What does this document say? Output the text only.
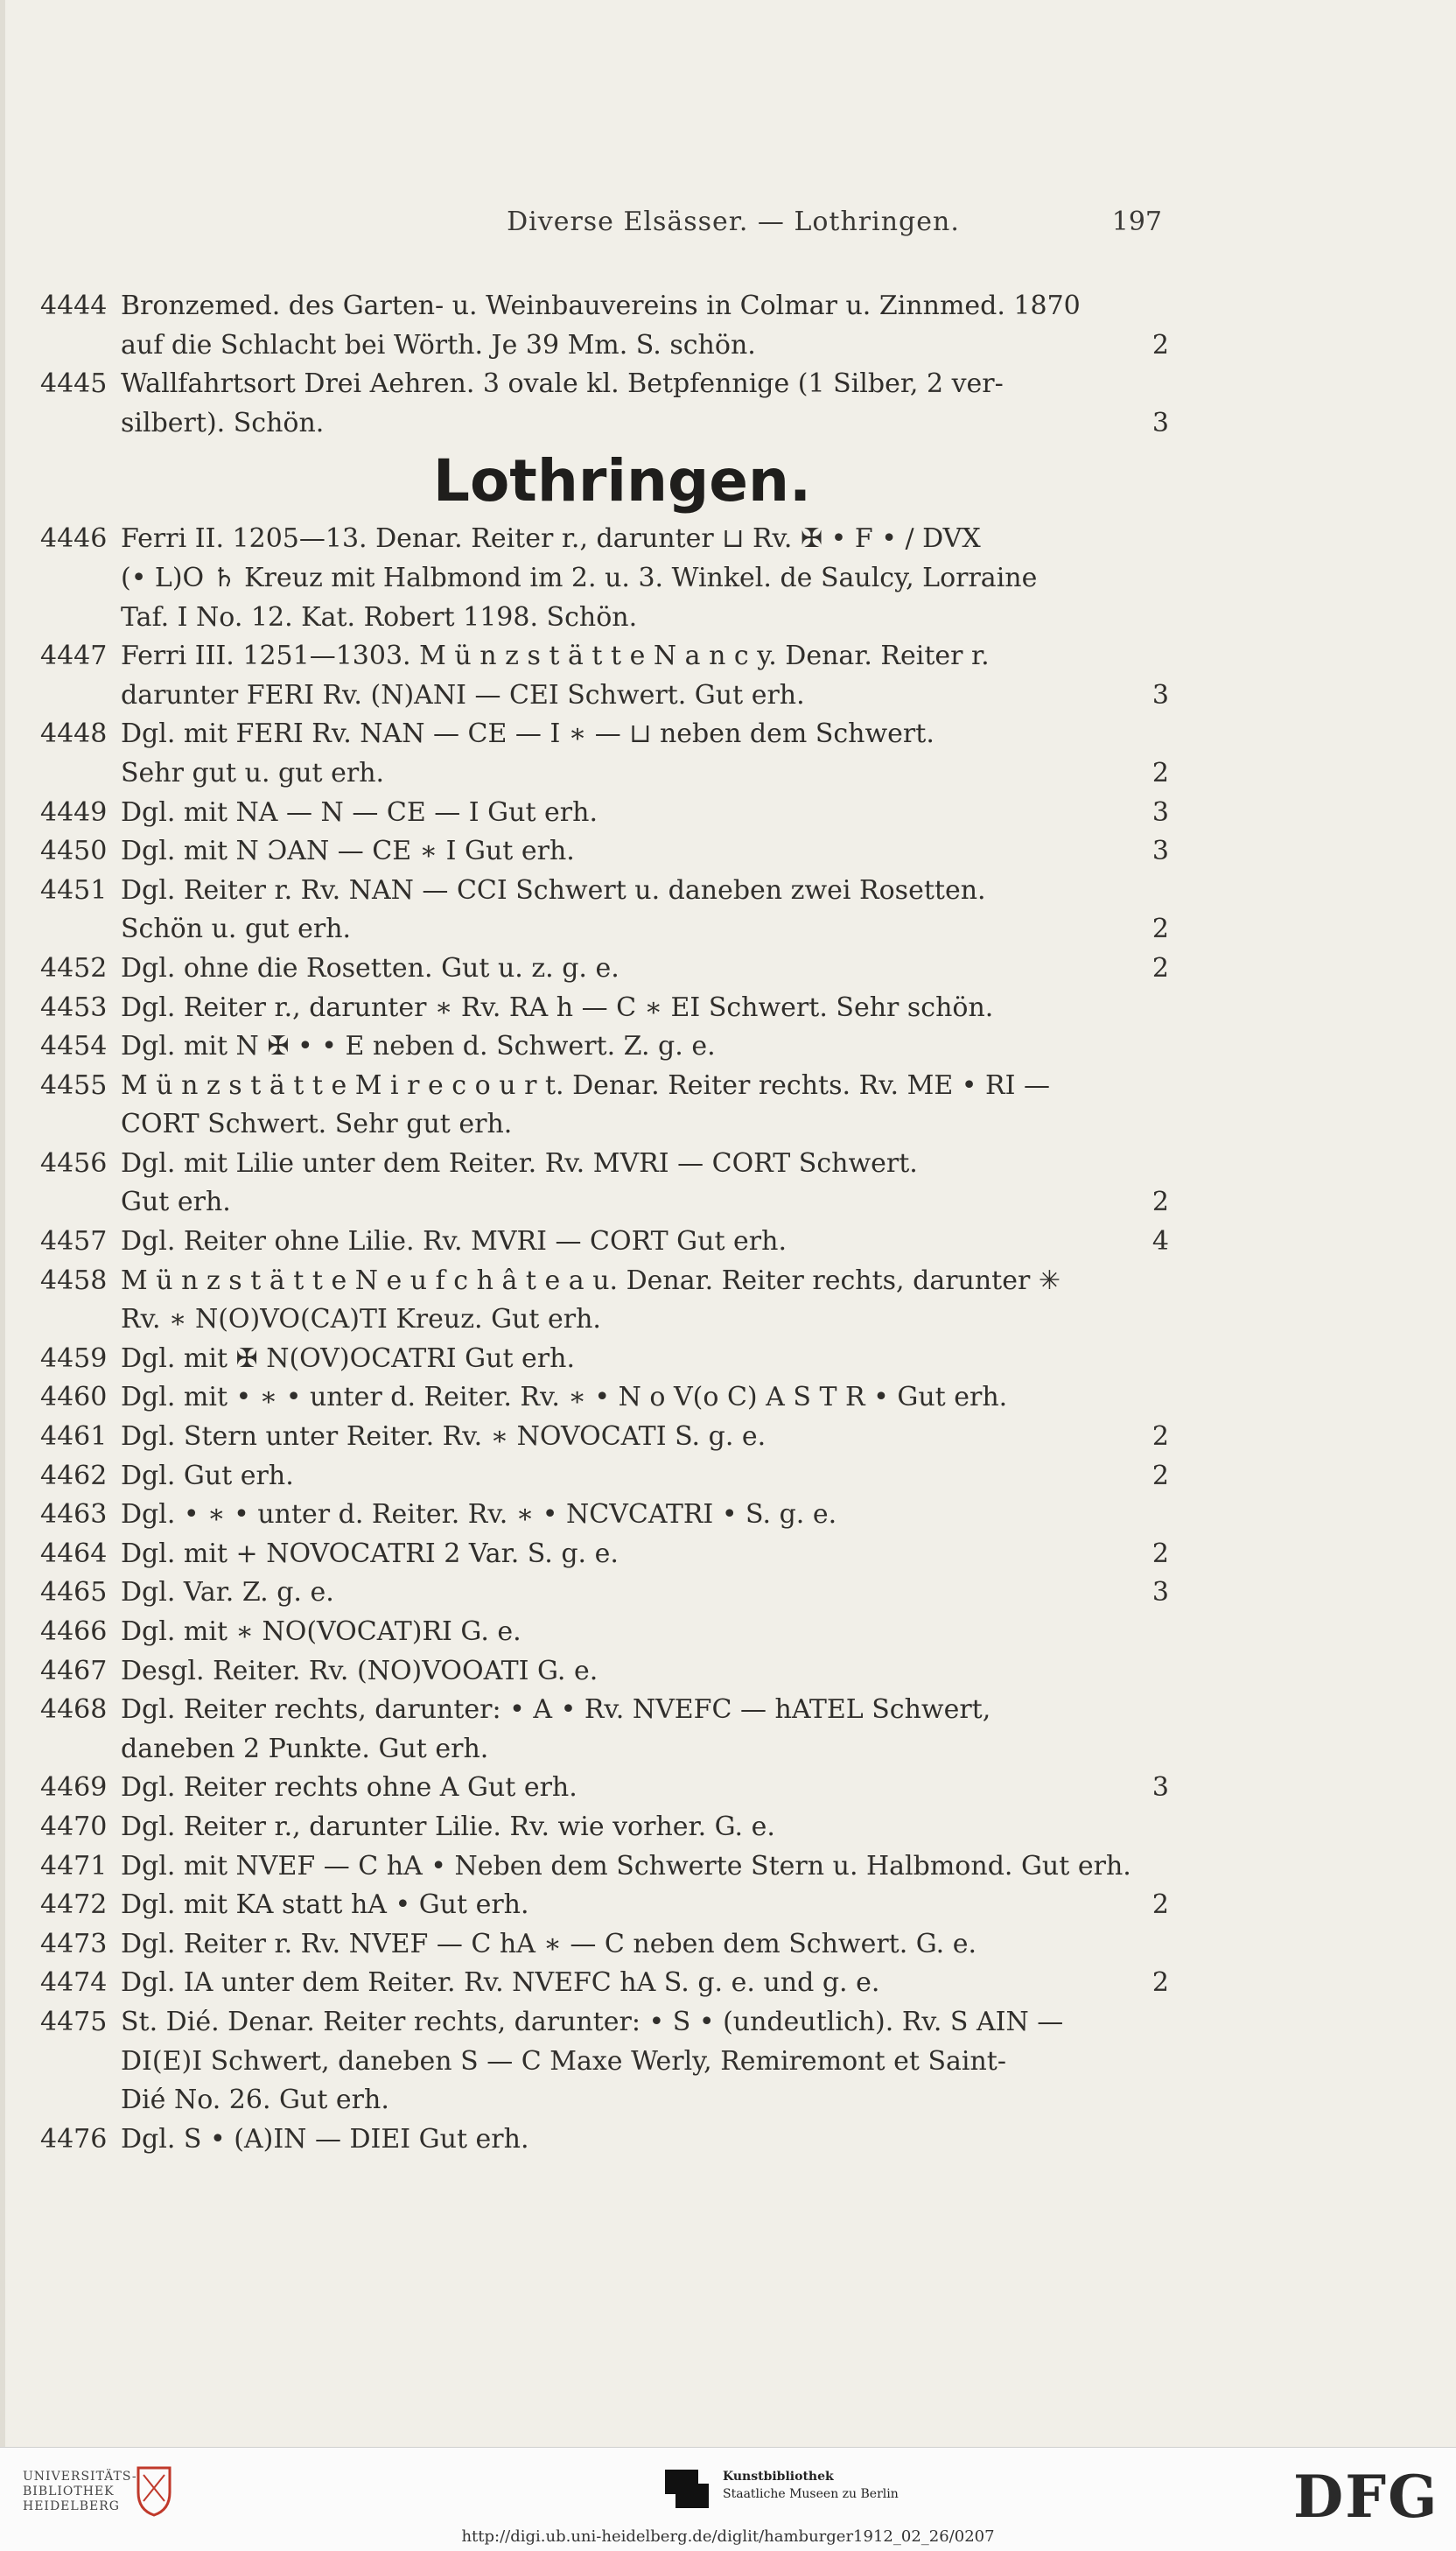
Diverse Elsässer. — Lothringen.	197
4444 Bronzemed. des Garten- u. Weinbauvereins in Colmar u. Zinnmed. 1870
auf die Schlacht bei Wörth. Je 39 Mm. S. schön.	2
4445 Wallfahrtsort Drei Aehren. 3 ovale kl. Betpfennige (1 Silber, 2 ver-
silbert). Schön.	3
Lothringen.
4446 Ferri II. 1205—13. Denar. Reiter r., darunter ⊔ Rv. ✠ • F • / DVX
(• L)O ♄ Kreuz mit Halbmond im 2. u. 3. Winkel. de Saulcy, Lorraine
Taf. I No. 12. Kat. Robert 1198. Schön.
4447 Ferri III. 1251—1303. M ü n z s t ä t t e N a n c y. Denar. Reiter r.
darunter FERI Rv. (N)ANI — CEI Schwert. Gut erh.	3
4448 Dgl. mit FERI Rv. NAN — CE — I ∗ — ⊔ neben dem Schwert.
Sehr gut u. gut erh.	2
4449 Dgl. mit NA — N — CE — I Gut erh.	3
4450 Dgl. mit N ƆAN — CE ∗ I Gut erh.	3
4451 Dgl. Reiter r. Rv. NAN — CCI Schwert u. daneben zwei Rosetten.
Schön u. gut erh.	2
4452 Dgl. ohne die Rosetten. Gut u. z. g. e.	2
4453 Dgl. Reiter r., darunter ∗ Rv. RA h — C ∗ EI Schwert. Sehr schön.
4454 Dgl. mit N ✠ • • E neben d. Schwert. Z. g. e.
4455 M ü n z s t ä t t e M i r e c o u r t. Denar. Reiter rechts. Rv. ME • RI —
CORT Schwert. Sehr gut erh.
4456 Dgl. mit Lilie unter dem Reiter. Rv. MVRI — CORT Schwert.
Gut erh.	2
4457 Dgl. Reiter ohne Lilie. Rv. MVRI — CORT Gut erh.	4
4458 M ü n z s t ä t t e N e u f c h â t e a u. Denar. Reiter rechts, darunter ✳
Rv. ∗ N(O)VO(CA)TI Kreuz. Gut erh.
4459 Dgl. mit ✠ N(OV)OCATRI Gut erh.
4460 Dgl. mit • ∗ • unter d. Reiter. Rv. ∗ • N o V(o C) A S T R • Gut erh.
4461 Dgl. Stern unter Reiter. Rv. ∗ NOVOCATI S. g. e.	2
4462 Dgl. Gut erh.	2
4463 Dgl. • ∗ • unter d. Reiter. Rv. ∗ • NCVCATRI • S. g. e.
4464 Dgl. mit + NOVOCATRI 2 Var. S. g. e.	2
4465 Dgl. Var. Z. g. e.	3
4466 Dgl. mit ∗ NO(VOCAT)RI G. e.
4467 Desgl. Reiter. Rv. (NO)VOOATI G. e.
4468 Dgl. Reiter rechts, darunter: • A • Rv. NVEFC — hATEL Schwert,
daneben 2 Punkte. Gut erh.
4469 Dgl. Reiter rechts ohne A Gut erh.	3
4470 Dgl. Reiter r., darunter Lilie. Rv. wie vorher. G. e.
4471 Dgl. mit NVEF — C hA • Neben dem Schwerte Stern u. Halbmond. Gut erh.
4472 Dgl. mit KA statt hA • Gut erh.	2
4473 Dgl. Reiter r. Rv. NVEF — C hA ∗ — C neben dem Schwert. G. e.
4474 Dgl. IA unter dem Reiter. Rv. NVEFC hA S. g. e. und g. e.	2
4475 St. Dié. Denar. Reiter rechts, darunter: • S • (undeutlich). Rv. S AIN —
DI(E)I Schwert, daneben S — C Maxe Werly, Remiremont et Saint-
Dié No. 26. Gut erh.
4476 Dgl. S • (A)IN — DIEI Gut erh.
UNIVERSITÄTS-
BIBLIOTHEK
HEIDELBERG
Kunstbibliothek
Staatliche Museen zu Berlin	DFG
http://digi.ub.uni-heidelberg.de/diglit/hamburger1912_02_26/0207
